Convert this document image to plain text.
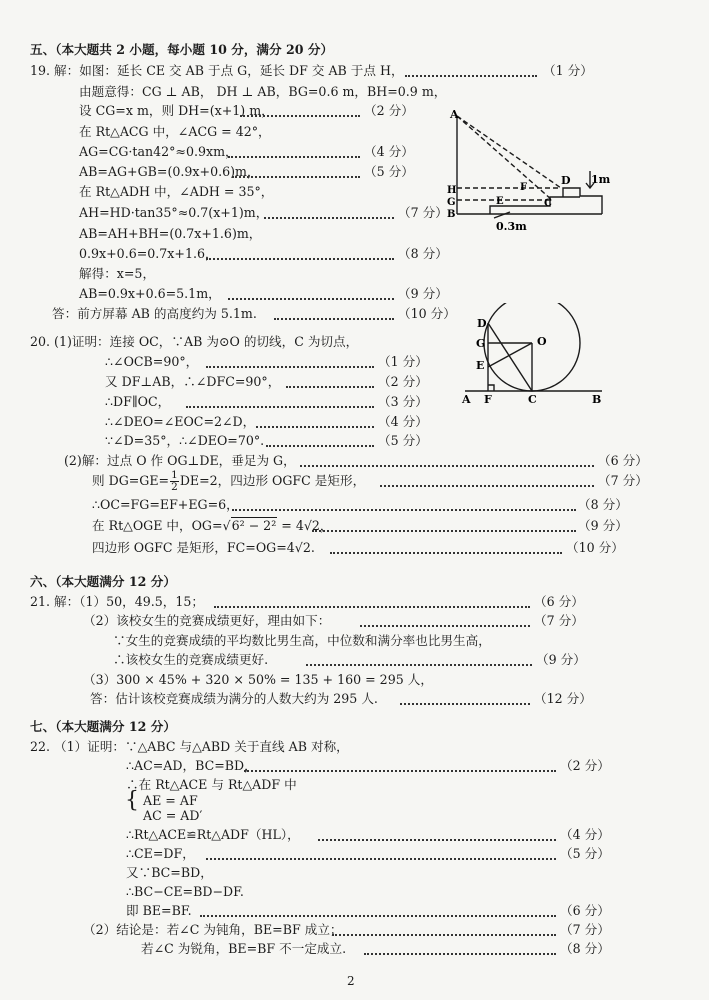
五、（本大题共 2 小题，每小题 10 分，满分 20 分）
19. 解：如图：延长 CE 交 AB 于点 G，延长 DF 交 AB 于点 H，	（1 分）
由题意得：CG ⊥ AB， DH ⊥ AB，BG=0.6 m，BH=0.9 m，
设 CG=x m，则 DH=(x+1) m，	（2 分）
在 Rt△ACG 中，∠ACG = 42°，
AG=CG·tan42°≈0.9xm，	（4 分）
AB=AG+GB=(0.9x+0.6)m，	（5 分）
在 Rt△ADH 中，∠ADH = 35°，
AH=HD·tan35°≈0.7(x+1)m，	（7 分）
AB=AH+BH=(0.7x+1.6)m，
0.9x+0.6=0.7x+1.6，	（8 分）
解得：x=5，
AB=0.9x+0.6=5.1m，	（9 分）
答：前方屏幕 AB 的高度约为 5.1m.	（10 分）
A
D
F
H
G
B
E	C
1m
0.3m
20. (1)证明：连接 OC，∵AB 为⊙O 的切线，C 为切点，
∴∠OCB=90°，	（1 分）
又 DF⊥AB，∴∠DFC=90°，	（2 分）
∴DF∥OC，	（3 分）
∴∠DEO=∠EOC=2∠D，	（4 分）
∵∠D=35°，∴∠DEO=70°.	（5 分）
(2)解：过点 O 作 OG⊥DE，垂足为 G，	（6 分）
则 $DG=GE= \frac{1}{2} DE=2$，四边形 OGFC 是矩形，	（7 分）
∴OC=FG=EF+EG=6，	（8 分）
在 Rt△OGE 中，OG=√6² − 2² = 4√2，	（9 分）
四边形 OGFC 是矩形，FC=OG=4√2.	（10 分）
D
G	O
E
A F	C	B
六、（本大题满分 12 分）
21. 解：（1）50，49.5，15；	（6 分）
（2）该校女生的竞赛成绩更好，理由如下：	（7 分）
∵女生的竞赛成绩的平均数比男生高，中位数和满分率也比男生高，
∴该校女生的竞赛成绩更好.	（9 分）
（3）300 × 45% + 320 × 50% = 135 + 160 = 295 人，
答：估计该校竞赛成绩为满分的人数大约为 295 人.	（12 分）
七、（本大题满分 12 分）
22. （1）证明：∵△ABC 与△ABD 关于直线 AB 对称，
∴AC=AD，BC=BD，	（2 分）
∴在 Rt△ACE 与 Rt△ADF 中
{ AE = AF
AC = AD′
∴Rt△ACE≌Rt△ADF（HL），	（4 分）
∴CE=DF，	（5 分）
又∵BC=BD，
∴BC−CE=BD−DF.
即 BE=BF.	（6 分）
（2）结论是：若∠C 为钝角，BE=BF 成立；	（7 分）
若∠C 为锐角，BE=BF 不一定成立.	（8 分）
2
